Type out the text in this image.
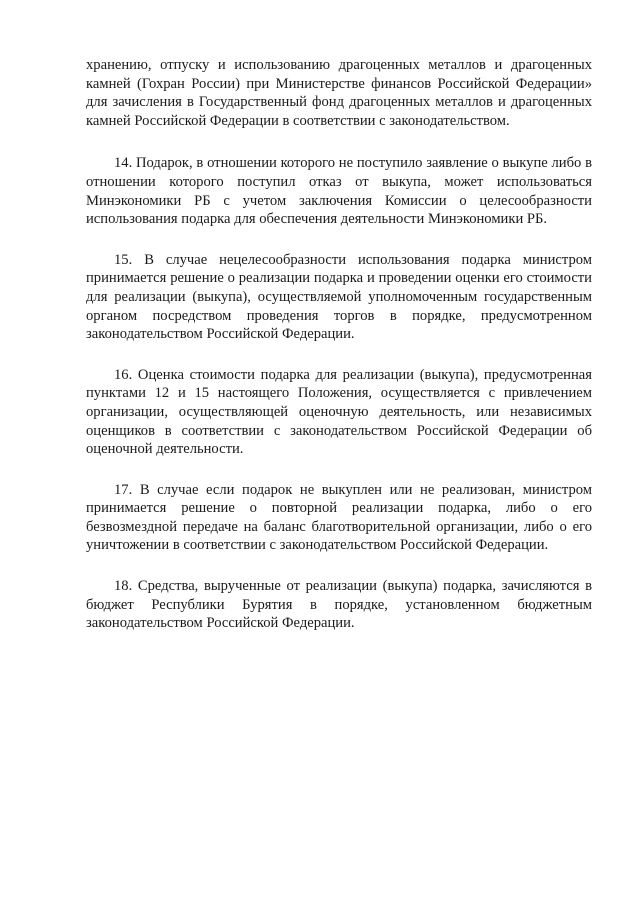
хранению, отпуску и использованию драгоценных металлов и драгоценных камней (Гохран России) при Министерстве финансов Российской Федерации» для зачисления в Государственный фонд драгоценных металлов и драгоценных камней Российской Федерации в соответствии с законодательством.

14. Подарок, в отношении которого не поступило заявление о выкупе либо в отношении которого поступил отказ от выкупа, может использоваться Минэкономики РБ с учетом заключения Комиссии о целесообразности использования подарка для обеспечения деятельности Минэкономики РБ.

15. В случае нецелесообразности использования подарка министром принимается решение о реализации подарка и проведении оценки его стоимости для реализации (выкупа), осуществляемой уполномоченным государственным органом посредством проведения торгов в порядке, предусмотренном законодательством Российской Федерации.

16. Оценка стоимости подарка для реализации (выкупа), предусмотренная пунктами 12 и 15 настоящего Положения, осуществляется с привлечением организации, осуществляющей оценочную деятельность, или независимых оценщиков в соответствии с законодательством Российской Федерации об оценочной деятельности.

17. В случае если подарок не выкуплен или не реализован, министром принимается решение о повторной реализации подарка, либо о его безвозмездной передаче на баланс благотворительной организации, либо о его уничтожении в соответствии с законодательством Российской Федерации.

18. Средства, вырученные от реализации (выкупа) подарка, зачисляются в бюджет Республики Бурятия в порядке, установленном бюджетным законодательством Российской Федерации.
